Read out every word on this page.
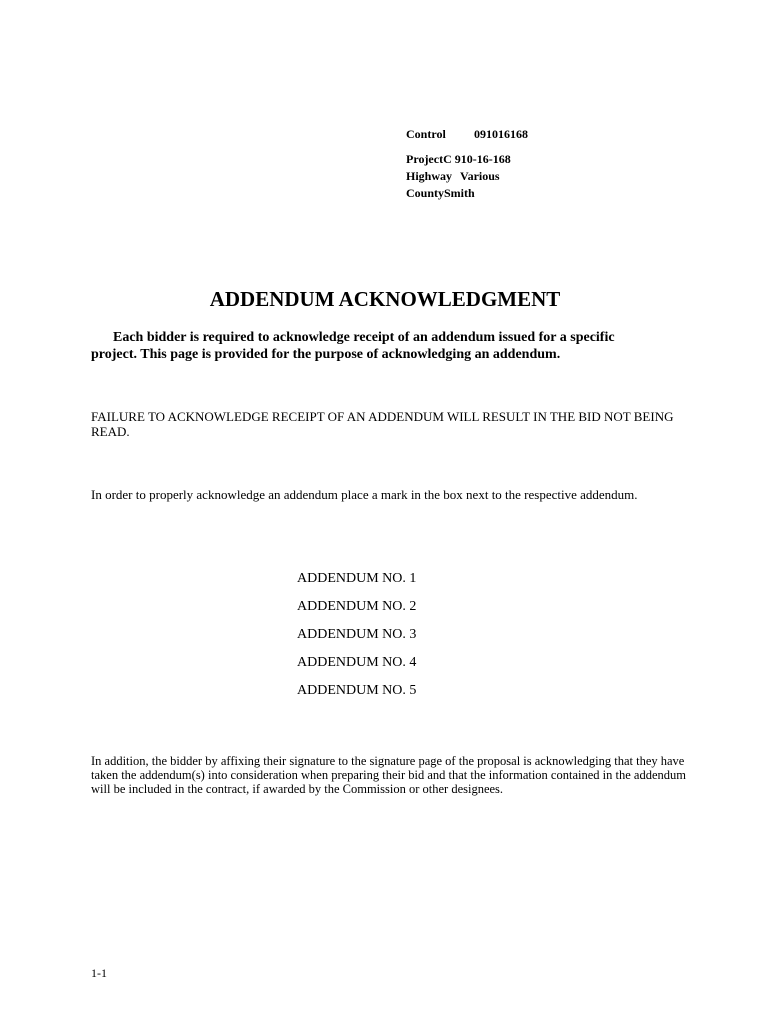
Control	091016168
ProjectC 910-16-168
Highway Various
CountySmith
ADDENDUM ACKNOWLEDGMENT
Each bidder is required to acknowledge receipt of an addendum issued for a specific
project. This page is provided for the purpose of acknowledging an addendum.
FAILURE TO ACKNOWLEDGE RECEIPT OF AN ADDENDUM WILL RESULT IN THE BID NOT BEING READ.
In order to properly acknowledge an addendum place a mark in the box next to the respective addendum.
ADDENDUM NO. 1
ADDENDUM NO. 2
ADDENDUM NO. 3
ADDENDUM NO. 4
ADDENDUM NO. 5
In addition, the bidder by affixing their signature to the signature page of the proposal is acknowledging that they have taken the addendum(s) into consideration when preparing their bid and that the information contained in the addendum will be included in the contract, if awarded by the Commission or other designees.
1-1
